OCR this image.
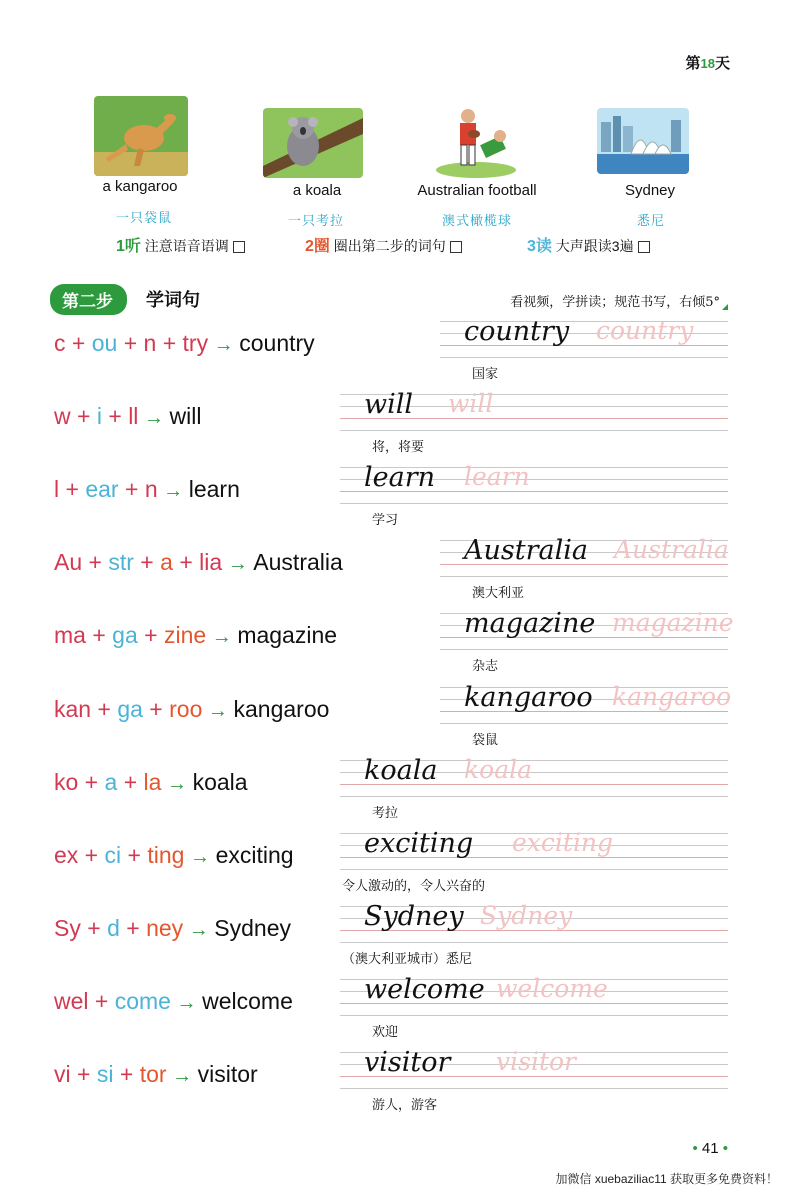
第18天
a kangaroo	a koala	Australian football	Sydney
一只袋鼠	一只考拉	澳式橄榄球	悉尼
1听 注意语音语调	2圈 圈出第二步的词句	3读 大声跟读3遍
第二步	学词句	看视频，学拼读；规范书写，右倾5°
c + ou + n + try → country	country country
国家
w + i + ll → will	will will
将，将要
l + ear + n → learn	learn learn
学习
Au + str + a + lia → Australia	Australia Australia
澳大利亚
ma + ga + zine → magazine	magazine magazine
杂志
kan + ga + roo → kangaroo	kangaroo kangaroo
袋鼠
ko + a + la → koala	koala koala
考拉
ex + ci + ting → exciting	exciting exciting
令人激动的，令人兴奋的
Sy + d + ney → Sydney	Sydney Sydney
（澳大利亚城市）悉尼
wel + come → welcome	welcome welcome
欢迎
vi + si + tor → visitor	visitor visitor
游人，游客
• 41 •
加微信 xuebaziliac11 获取更多免费资料！
